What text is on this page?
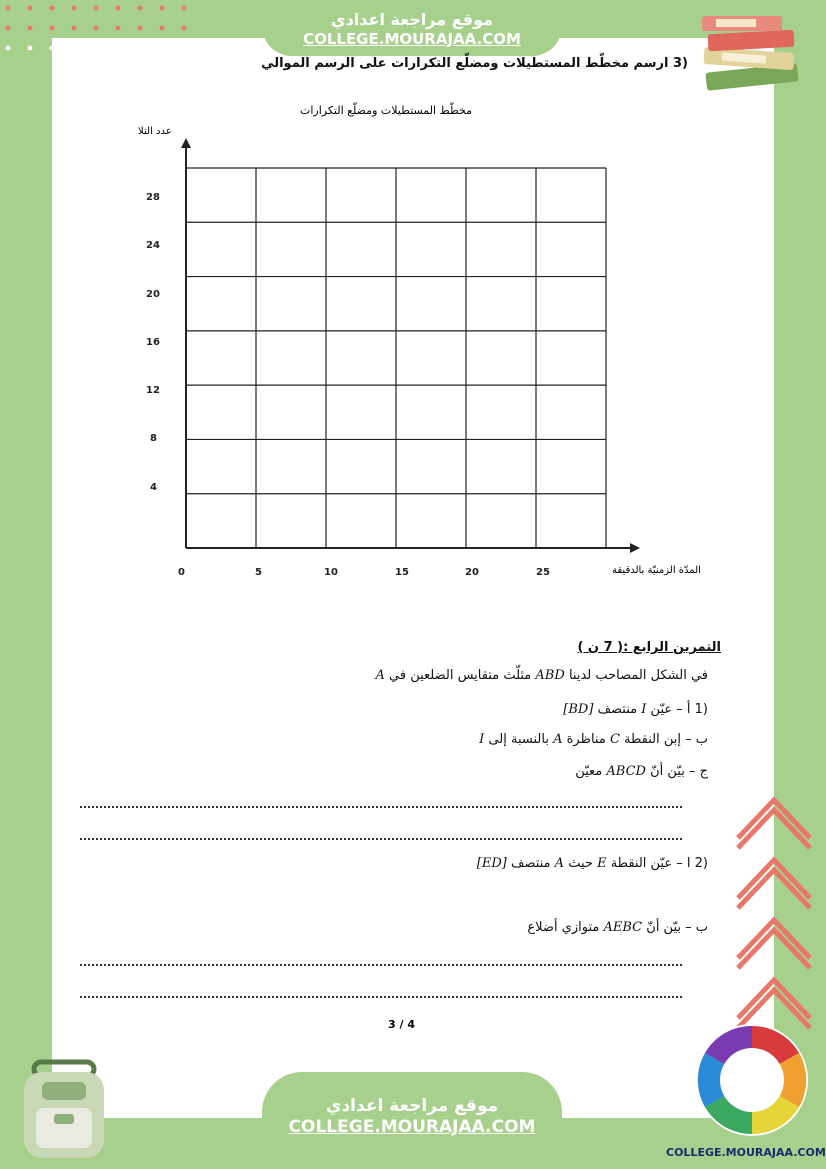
موقع مراجعة اعدادي
COLLEGE.MOURAJAA.COM
(3 ارسم مخطّط المستطيلات ومضلّع التكرارات على الرسم الموالي
مخطّط المستطيلات ومضلّع التكرارات
عدد التلا
المدّة الزمنيّة بالدقيقة
0	5	10	15	20	25
4
8
12
16
20
24
28
التمرين الرابع :( 7 ن )
في الشكل المصاحب لدينا ABD مثلّث متقايس الضلعين في A
(1 أ – عيّن I منتصف [BD]
ب – إبن النقطة C مناظرة A بالنسبة إلى I
ج – بيّن أنّ ABCD معيّن
(2 ا – عيّن النقطة E حيث A منتصف [ED]
ب – بيّن أنّ AEBC متوازي أضلاع
3 / 4
موقع مراجعة اعدادي
COLLEGE.MOURAJAA.COM
COLLEGE.MOURAJAA.COM
